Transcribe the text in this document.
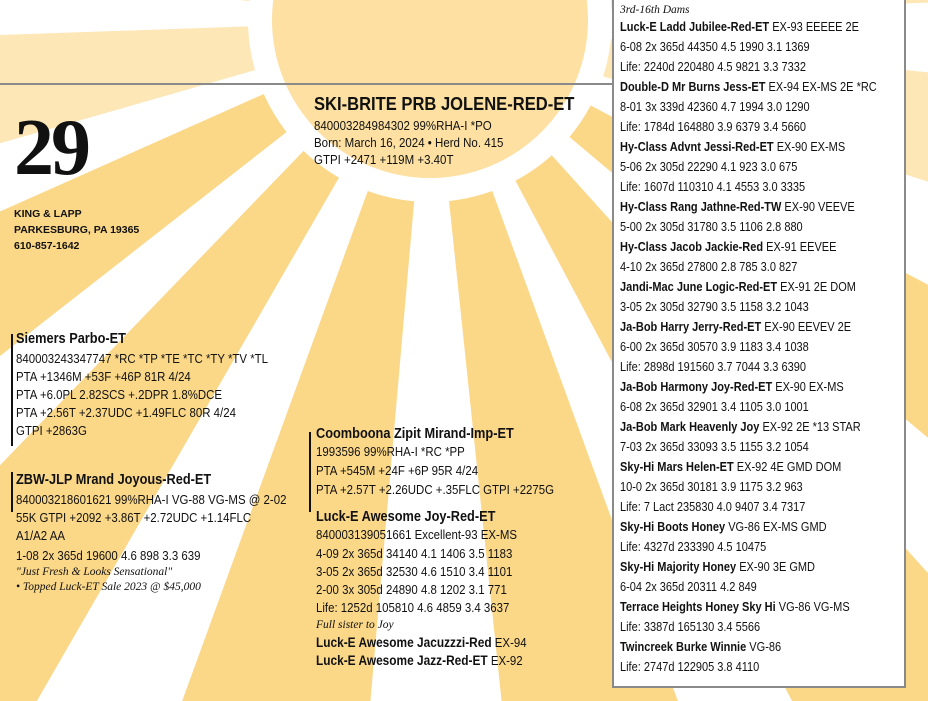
29
KING & LAPP
PARKESBURG, PA 19365
610-857-1642
SKI-BRITE PRB JOLENE-RED-ET
840003284984302 99%RHA-I *PO
Born: March 16, 2024 • Herd No. 415
GTPI +2471 +119M +3.40T
Siemers Parbo-ET
840003243347747 *RC *TP *TE *TC *TY *TV *TL
PTA +1346M +53F +46P 81R 4/24
PTA +6.0PL 2.82SCS +.2DPR 1.8%DCE
PTA +2.56T +2.37UDC +1.49FLC 80R 4/24
GTPI +2863G
ZBW-JLP Mrand Joyous-Red-ET
840003218601621 99%RHA-I VG-88 VG-MS @ 2-02
55K GTPI +2092 +3.86T +2.72UDC +1.14FLC
A1/A2 AA
1-08 2x 365d 19600 4.6 898 3.3 639
"Just Fresh & Looks Sensational"
• Topped Luck-ET Sale 2023 @ $45,000
Coomboona Zipit Mirand-Imp-ET
1993596 99%RHA-I *RC *PP
PTA +545M +24F +6P 95R 4/24
PTA +2.57T +2.26UDC +.35FLC GTPI +2275G
Luck-E Awesome Joy-Red-ET
840003139051661 Excellent-93 EX-MS
4-09 2x 365d 34140 4.1 1406 3.5 1183
3-05 2x 365d 32530 4.6 1510 3.4 1101
2-00 3x 305d 24890 4.8 1202 3.1 771
Life: 1252d 105810 4.6 4859 3.4 3637
Full sister to Joy
Luck-E Awesome Jacuzzzi-Red EX-94
Luck-E Awesome Jazz-Red-ET EX-92
3rd-16th Dams
Luck-E Ladd Jubilee-Red-ET EX-93 EEEEE 2E
6-08 2x 365d 44350 4.5 1990 3.1 1369
Life: 2240d 220480 4.5 9821 3.3 7332
Double-D Mr Burns Jess-ET EX-94 EX-MS 2E *RC
8-01 3x 339d 42360 4.7 1994 3.0 1290
Life: 1784d 164880 3.9 6379 3.4 5660
Hy-Class Advnt Jessi-Red-ET EX-90 EX-MS
5-06 2x 305d 22290 4.1 923 3.0 675
Life: 1607d 110310 4.1 4553 3.0 3335
Hy-Class Rang Jathne-Red-TW EX-90 VEEVE
5-00 2x 305d 31780 3.5 1106 2.8 880
Hy-Class Jacob Jackie-Red EX-91 EEVEE
4-10 2x 365d 27800 2.8 785 3.0 827
Jandi-Mac June Logic-Red-ET EX-91 2E DOM
3-05 2x 305d 32790 3.5 1158 3.2 1043
Ja-Bob Harry Jerry-Red-ET EX-90 EEVEV 2E
6-00 2x 365d 30570 3.9 1183 3.4 1038
Life: 2898d 191560 3.7 7044 3.3 6390
Ja-Bob Harmony Joy-Red-ET EX-90 EX-MS
6-08 2x 365d 32901 3.4 1105 3.0 1001
Ja-Bob Mark Heavenly Joy EX-92 2E *13 STAR
7-03 2x 365d 33093 3.5 1155 3.2 1054
Sky-Hi Mars Helen-ET EX-92 4E GMD DOM
10-0 2x 365d 30181 3.9 1175 3.2 963
Life: 7 Lact 235830 4.0 9407 3.4 7317
Sky-Hi Boots Honey VG-86 EX-MS GMD
Life: 4327d 233390 4.5 10475
Sky-Hi Majority Honey EX-90 3E GMD
6-04 2x 365d 20311 4.2 849
Terrace Heights Honey Sky Hi VG-86 VG-MS
Life: 3387d 165130 3.4 5566
Twincreek Burke Winnie VG-86
Life: 2747d 122905 3.8 4110
